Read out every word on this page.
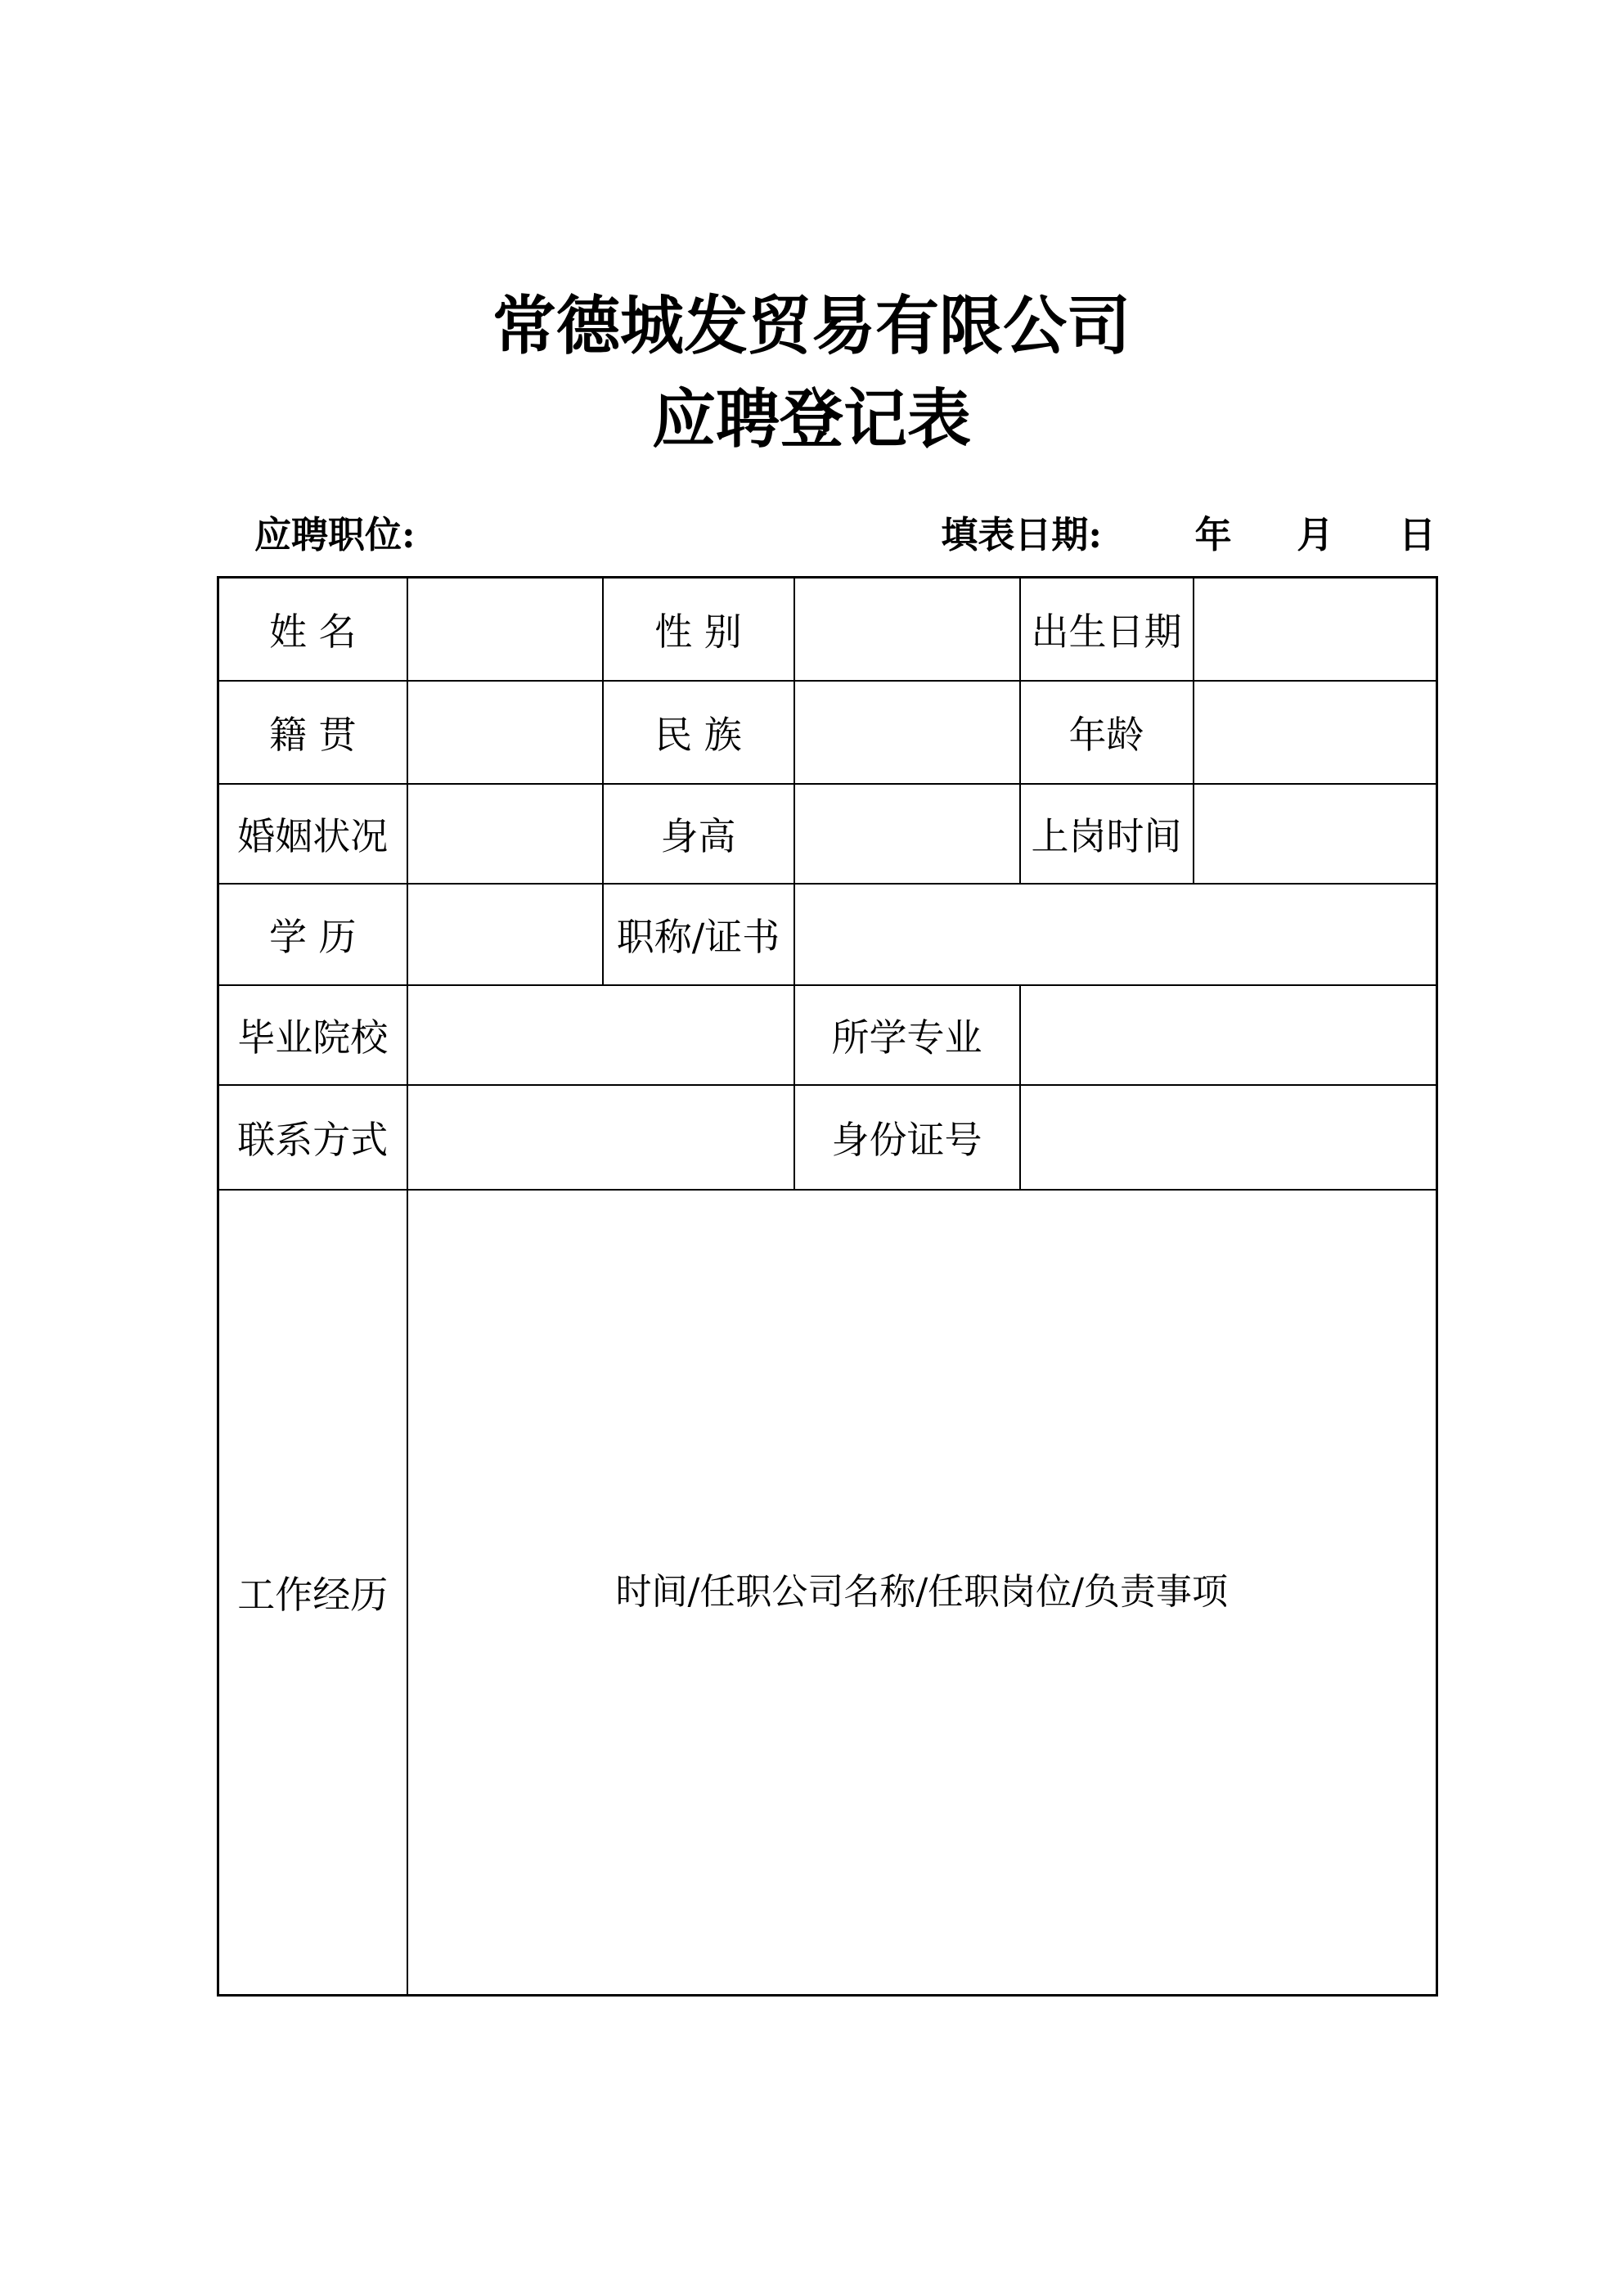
常德城发贸易有限公司
应聘登记表
应聘职位:	填表日期:	年 月 日
姓 名		性 别		出生日期	
籍 贯		民 族		年龄	
婚姻状况		身高		上岗时间	
学 历		职称/证书			
毕业院校			所学专业		
联系方式			身份证号		
工作经历	时间/任职公司名称/任职岗位/负责事项				
